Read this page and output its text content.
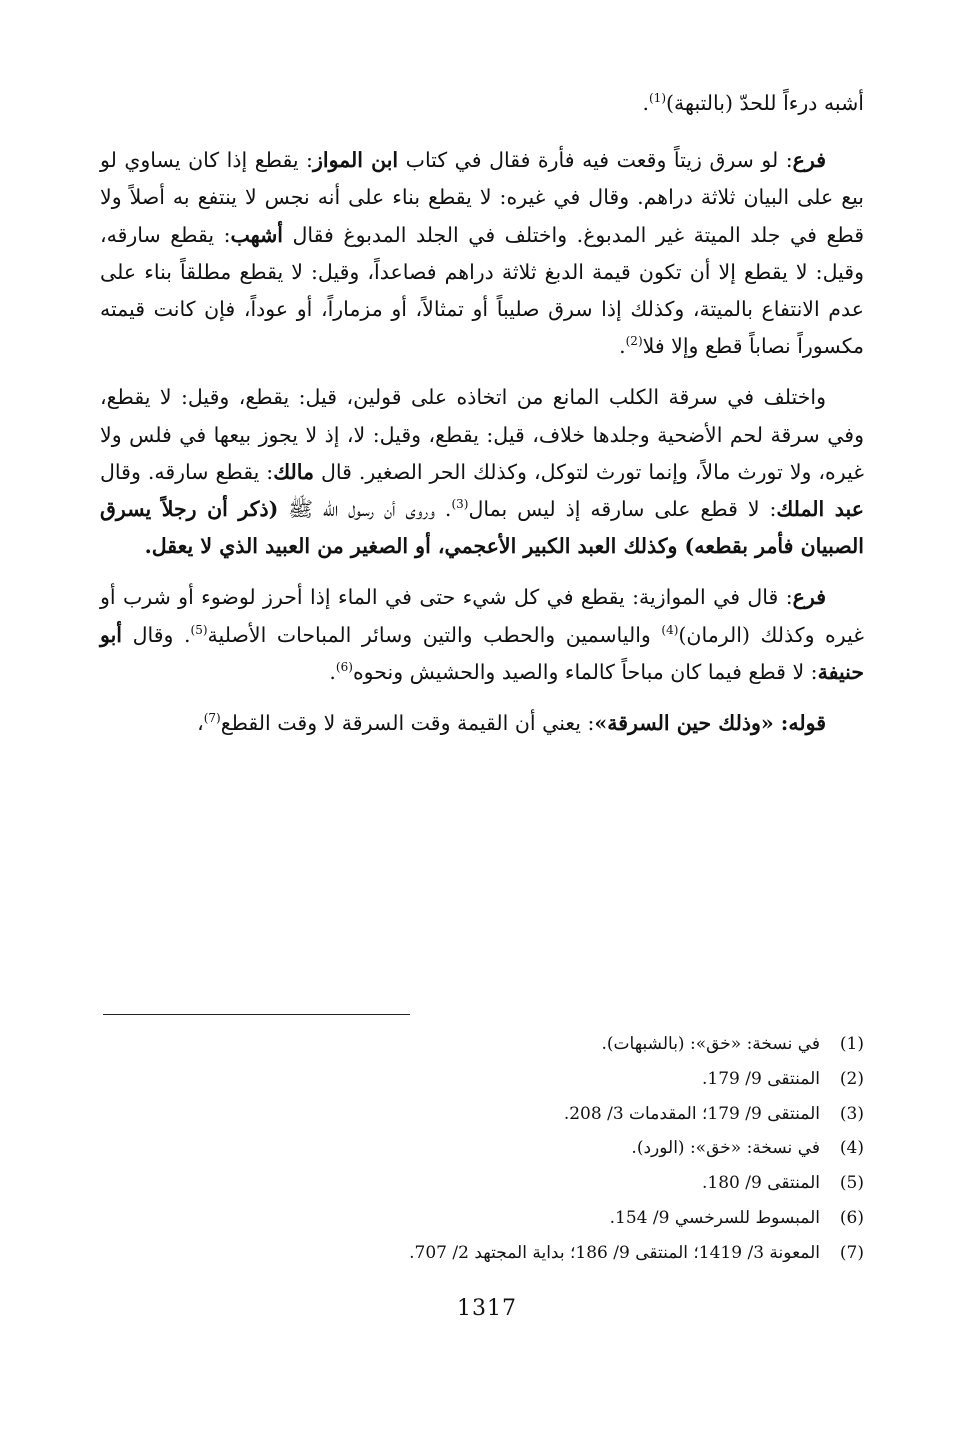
أشبه درءاً للحدّ (بالتبهة)$^{(1)}$.

فرع: لو سرق زيتاً وقعت فيه فأرة فقال في كتاب ابن المواز: يقطع إذا كان يساوي لو بيع على البيان ثلاثة دراهم. وقال في غيره: لا يقطع بناء على أنه نجس لا ينتفع به أصلاً ولا قطع في جلد الميتة غير المدبوغ. واختلف في الجلد المدبوغ فقال أشهب: يقطع سارقه، وقيل: لا يقطع إلا أن تكون قيمة الدبغ ثلاثة دراهم فصاعداً، وقيل: لا يقطع مطلقاً بناء على عدم الانتفاع بالميتة، وكذلك إذا سرق صليباً أو تمثالاً، أو مزماراً، أو عوداً، فإن كانت قيمته مكسوراً نصاباً قطع وإلا فلا$^{(2)}$.

واختلف في سرقة الكلب المانع من اتخاذه على قولين، قيل: يقطع، وقيل: لا يقطع، وفي سرقة لحم الأضحية وجلدها خلاف، قيل: يقطع، وقيل: لا، إذ لا يجوز بيعها في فلس ولا غيره، ولا تورث مالاً، وإنما تورث لتوكل، وكذلك الحر الصغير. قال مالك: يقطع سارقه. وقال عبد الملك: لا قطع على سارقه إذ ليس بمال$^{(3)}$. وروى أن رسول الله ﷺ (ذكر أن رجلاً يسرق الصبيان فأمر بقطعه) وكذلك العبد الكبير الأعجمي، أو الصغير من العبيد الذي لا يعقل.

فرع: قال في الموازية: يقطع في كل شيء حتى في الماء إذا أحرز لوضوء أو شرب أو غيره وكذلك (الرمان)$^{(4)}$ والياسمين والحطب والتين وسائر المباحات الأصلية$^{(5)}$. وقال أبو حنيفة: لا قطع فيما كان مباحاً كالماء والصيد والحشيش ونحوه$^{(6)}$.

قوله: «وذلك حين السرقة»: يعني أن القيمة وقت السرقة لا وقت القطع$^{(7)}$،

(1)
في نسخة: «خق»: (بالشبهات).
(2)
المنتقى 9/ 179.
(3)
المنتقى 9/ 179؛ المقدمات 3/ 208.
(4)
في نسخة: «خق»: (الورد).
(5)
المنتقى 9/ 180.
(6)
المبسوط للسرخسي 9/ 154.
(7)
المعونة 3/ 1419؛ المنتقى 9/ 186؛ بداية المجتهد 2/ 707.
1317
